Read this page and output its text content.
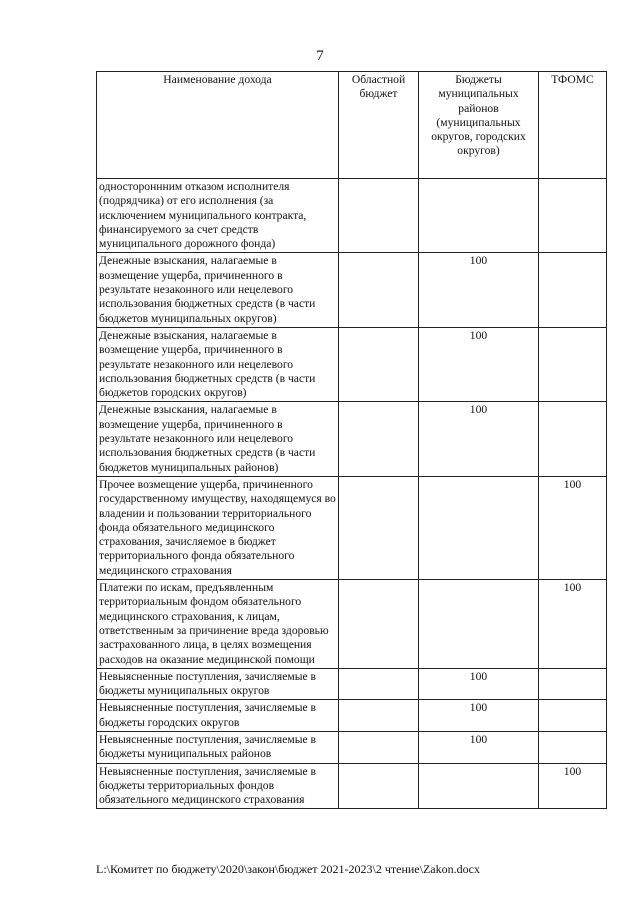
7
Наименование дохода	Областной бюджет	Бюджеты муниципальных районов (муниципальных округов, городских округов)	ТФОМС
одностороннним отказом исполнителя (подрядчика) от его исполнения (за исключением муниципального контракта, финансируемого за счет средств муниципального дорожного фонда)			
Денежные взыскания, налагаемые в возмещение ущерба, причиненного в результате незаконного или нецелевого использования бюджетных средств (в части бюджетов муниципальных округов)		100	
Денежные взыскания, налагаемые в возмещение ущерба, причиненного в результате незаконного или нецелевого использования бюджетных средств (в части бюджетов городских округов)		100	
Денежные взыскания, налагаемые в возмещение ущерба, причиненного в результате незаконного или нецелевого использования бюджетных средств (в части бюджетов муниципальных районов)		100	
Прочее возмещение ущерба, причиненного государственному имуществу, находящемуся во владении и пользовании территориального фонда обязательного медицинского страхования, зачисляемое в бюджет территориального фонда обязательного медицинского страхования			100
Платежи по искам, предъявленным территориальным фондом обязательного медицинского страхования, к лицам, ответственным за причинение вреда здоровью застрахованного лица, в целях возмещения расходов на оказание медицинской помощи			100
Невыясненные поступления, зачисляемые в бюджеты муниципальных округов		100	
Невыясненные поступления, зачисляемые в бюджеты городских округов		100	
Невыясненные поступления, зачисляемые в бюджеты муниципальных районов		100	
Невыясненные поступления, зачисляемые в бюджеты территориальных фондов обязательного медицинского страхования			100
L:\Комитет по бюджету\2020\закон\бюджет 2021-2023\2 чтение\Zakon.docx
